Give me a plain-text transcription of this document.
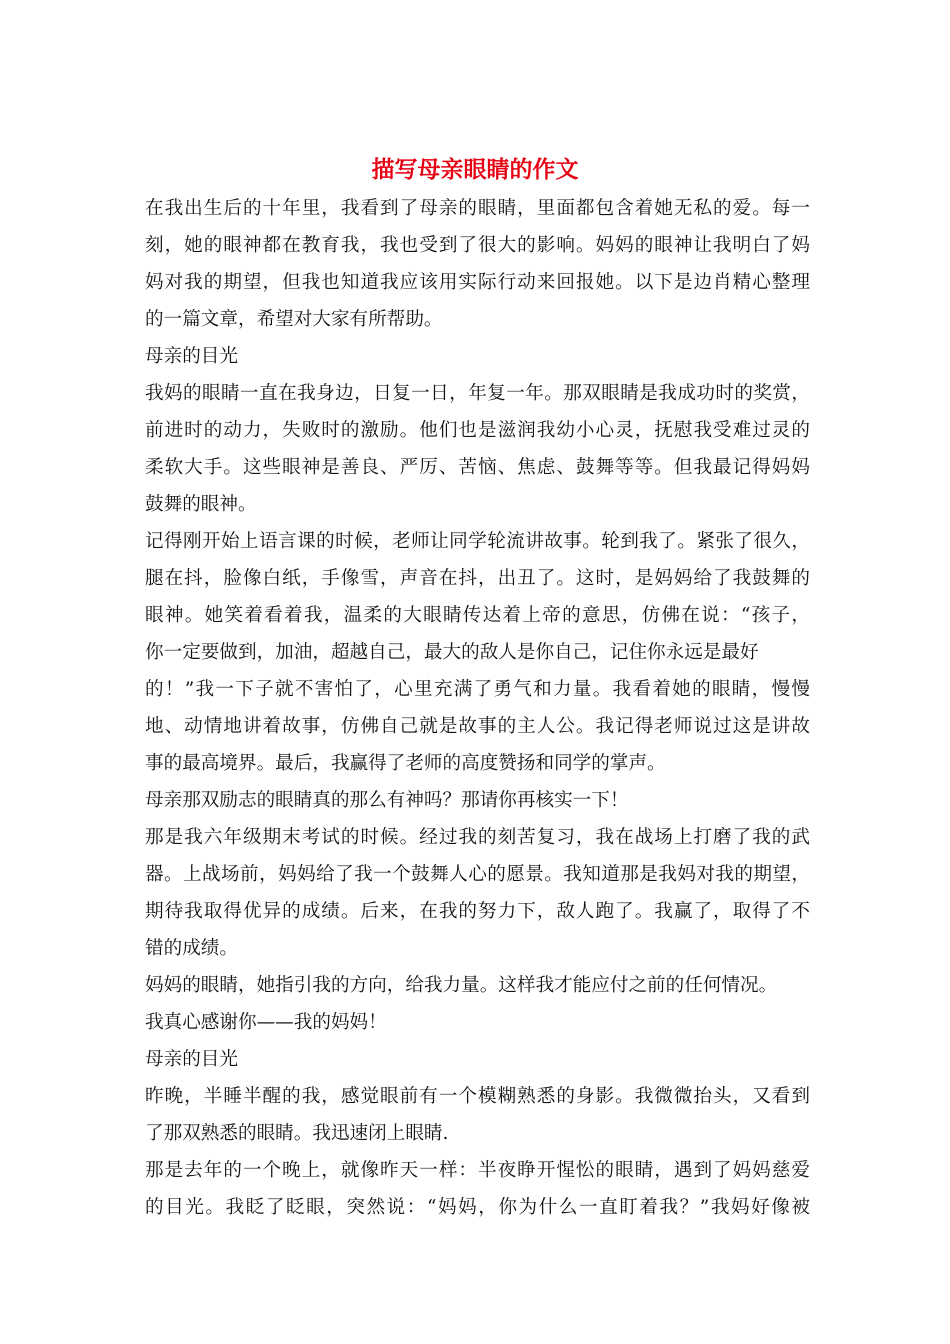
描写母亲眼睛的作文
在我出生后的十年里，我看到了母亲的眼睛，里面都包含着她无私的爱。每一
刻，她的眼神都在教育我，我也受到了很大的影响。妈妈的眼神让我明白了妈
妈对我的期望，但我也知道我应该用实际行动来回报她。以下是边肖精心整理
的一篇文章，希望对大家有所帮助。
母亲的目光
我妈的眼睛一直在我身边，日复一日，年复一年。那双眼睛是我成功时的奖赏，
前进时的动力，失败时的激励。他们也是滋润我幼小心灵，抚慰我受难过灵的
柔软大手。这些眼神是善良、严厉、苦恼、焦虑、鼓舞等等。但我最记得妈妈
鼓舞的眼神。
记得刚开始上语言课的时候，老师让同学轮流讲故事。轮到我了。紧张了很久，
腿在抖，脸像白纸，手像雪，声音在抖，出丑了。这时，是妈妈给了我鼓舞的
眼神。她笑着看着我，温柔的大眼睛传达着上帝的意思，仿佛在说：“孩子，
你一定要做到，加油，超越自己，最大的敌人是你自己，记住你永远是最好
的！”我一下子就不害怕了，心里充满了勇气和力量。我看着她的眼睛，慢慢
地、动情地讲着故事，仿佛自己就是故事的主人公。我记得老师说过这是讲故
事的最高境界。最后，我赢得了老师的高度赞扬和同学的掌声。
母亲那双励志的眼睛真的那么有神吗？那请你再核实一下！
那是我六年级期末考试的时候。经过我的刻苦复习，我在战场上打磨了我的武
器。上战场前，妈妈给了我一个鼓舞人心的愿景。我知道那是我妈对我的期望，
期待我取得优异的成绩。后来，在我的努力下，敌人跑了。我赢了，取得了不
错的成绩。
妈妈的眼睛，她指引我的方向，给我力量。这样我才能应付之前的任何情况。
我真心感谢你——我的妈妈！
母亲的目光
昨晚，半睡半醒的我，感觉眼前有一个模糊熟悉的身影。我微微抬头，又看到
了那双熟悉的眼睛。我迅速闭上眼睛.
那是去年的一个晚上，就像昨天一样：半夜睁开惺忪的眼睛，遇到了妈妈慈爱
的目光。我眨了眨眼，突然说：“妈妈，你为什么一直盯着我？”我妈好像被
